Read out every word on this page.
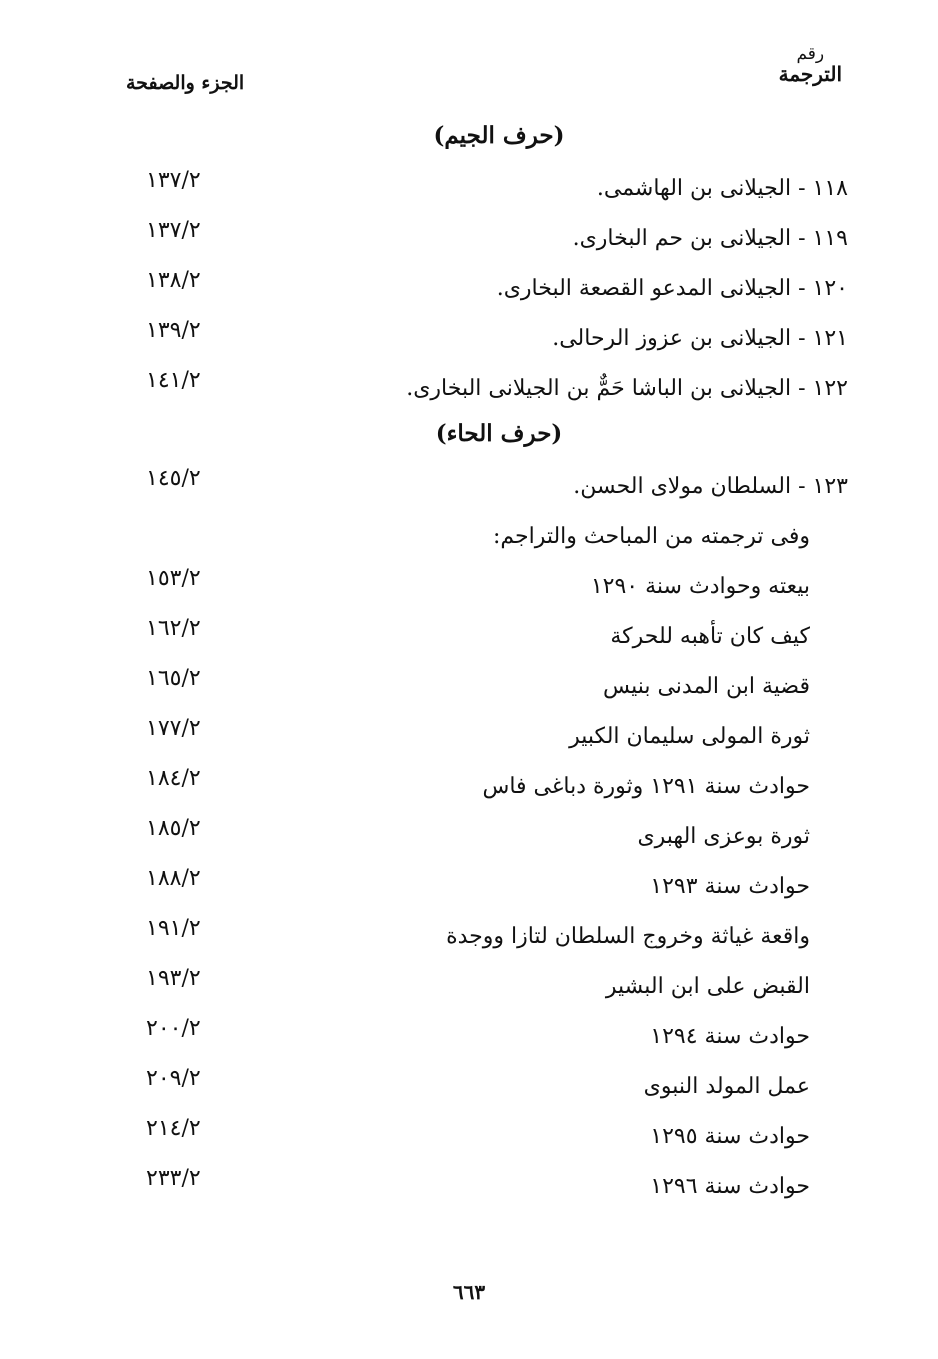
رقم
الترجمة
الجزء والصفحة
(حرف الجيم)
١١٨ - الجيلانى بن الهاشمى.
١٣٧/٢
١١٩ - الجيلانى بن حم البخارى.
١٣٧/٢
١٢٠ - الجيلانى المدعو القصعة البخارى.
١٣٨/٢
١٢١ - الجيلانى بن عزوز الرحالى.
١٣٩/٢
١٢٢ - الجيلانى بن الباشا حَمٌّ بن الجيلانى البخارى.
١٤١/٢
(حرف الحاء)
١٢٣ - السلطان مولاى الحسن.
١٤٥/٢
وفى ترجمته من المباحث والتراجم:
بيعته وحوادث سنة ١٢٩٠
١٥٣/٢
كيف كان تأهبه للحركة
١٦٢/٢
قضية ابن المدنى بنيس
١٦٥/٢
ثورة المولى سليمان الكبير
١٧٧/٢
حوادث سنة ١٢٩١ وثورة دباغى فاس
١٨٤/٢
ثورة بوعزى الهبرى
١٨٥/٢
حوادث سنة ١٢٩٣
١٨٨/٢
واقعة غياثة وخروج السلطان لتازا ووجدة
١٩١/٢
القبض على ابن البشير
١٩٣/٢
حوادث سنة ١٢٩٤
٢٠٠/٢
عمل المولد النبوى
٢٠٩/٢
حوادث سنة ١٢٩٥
٢١٤/٢
حوادث سنة ١٢٩٦
٢٣٣/٢
٦٦٣
